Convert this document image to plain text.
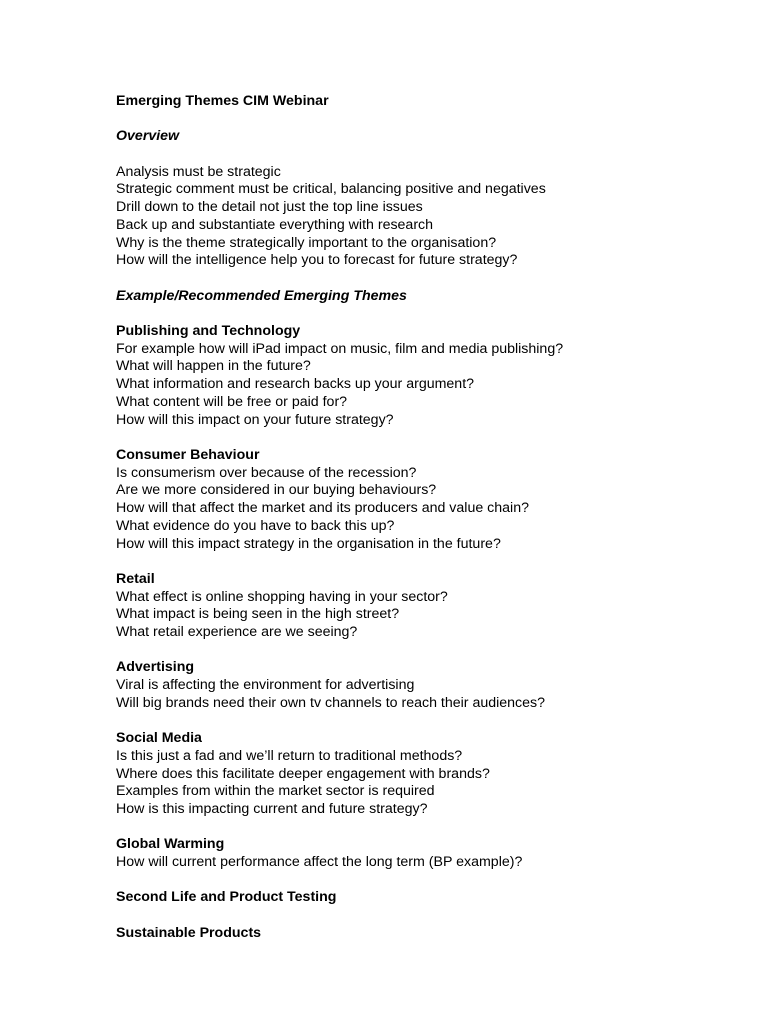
Emerging Themes CIM Webinar
Overview
Analysis must be strategic
Strategic comment must be critical, balancing positive and negatives
Drill down to the detail not just the top line issues
Back up and substantiate everything with research
Why is the theme strategically important to the organisation?
How will the intelligence help you to forecast for future strategy?
Example/Recommended Emerging Themes
Publishing and Technology
For example how will iPad impact on music, film and media publishing?
What will happen in the future?
What information and research backs up your argument?
What content will be free or paid for?
How will this impact on your future strategy?
Consumer Behaviour
Is consumerism over because of the recession?
Are we more considered in our buying behaviours?
How will that affect the market and its producers and value chain?
What evidence do you have to back this up?
How will this impact strategy in the organisation in the future?
Retail
What effect is online shopping having in your sector?
What impact is being seen in the high street?
What retail experience are we seeing?
Advertising
Viral is affecting the environment for advertising
Will big brands need their own tv channels to reach their audiences?
Social Media
Is this just a fad and we’ll return to traditional methods?
Where does this facilitate deeper engagement with brands?
Examples from within the market sector is required
How is this impacting current and future strategy?
Global Warming
How will current performance affect the long term (BP example)?
Second Life and Product Testing
Sustainable Products
